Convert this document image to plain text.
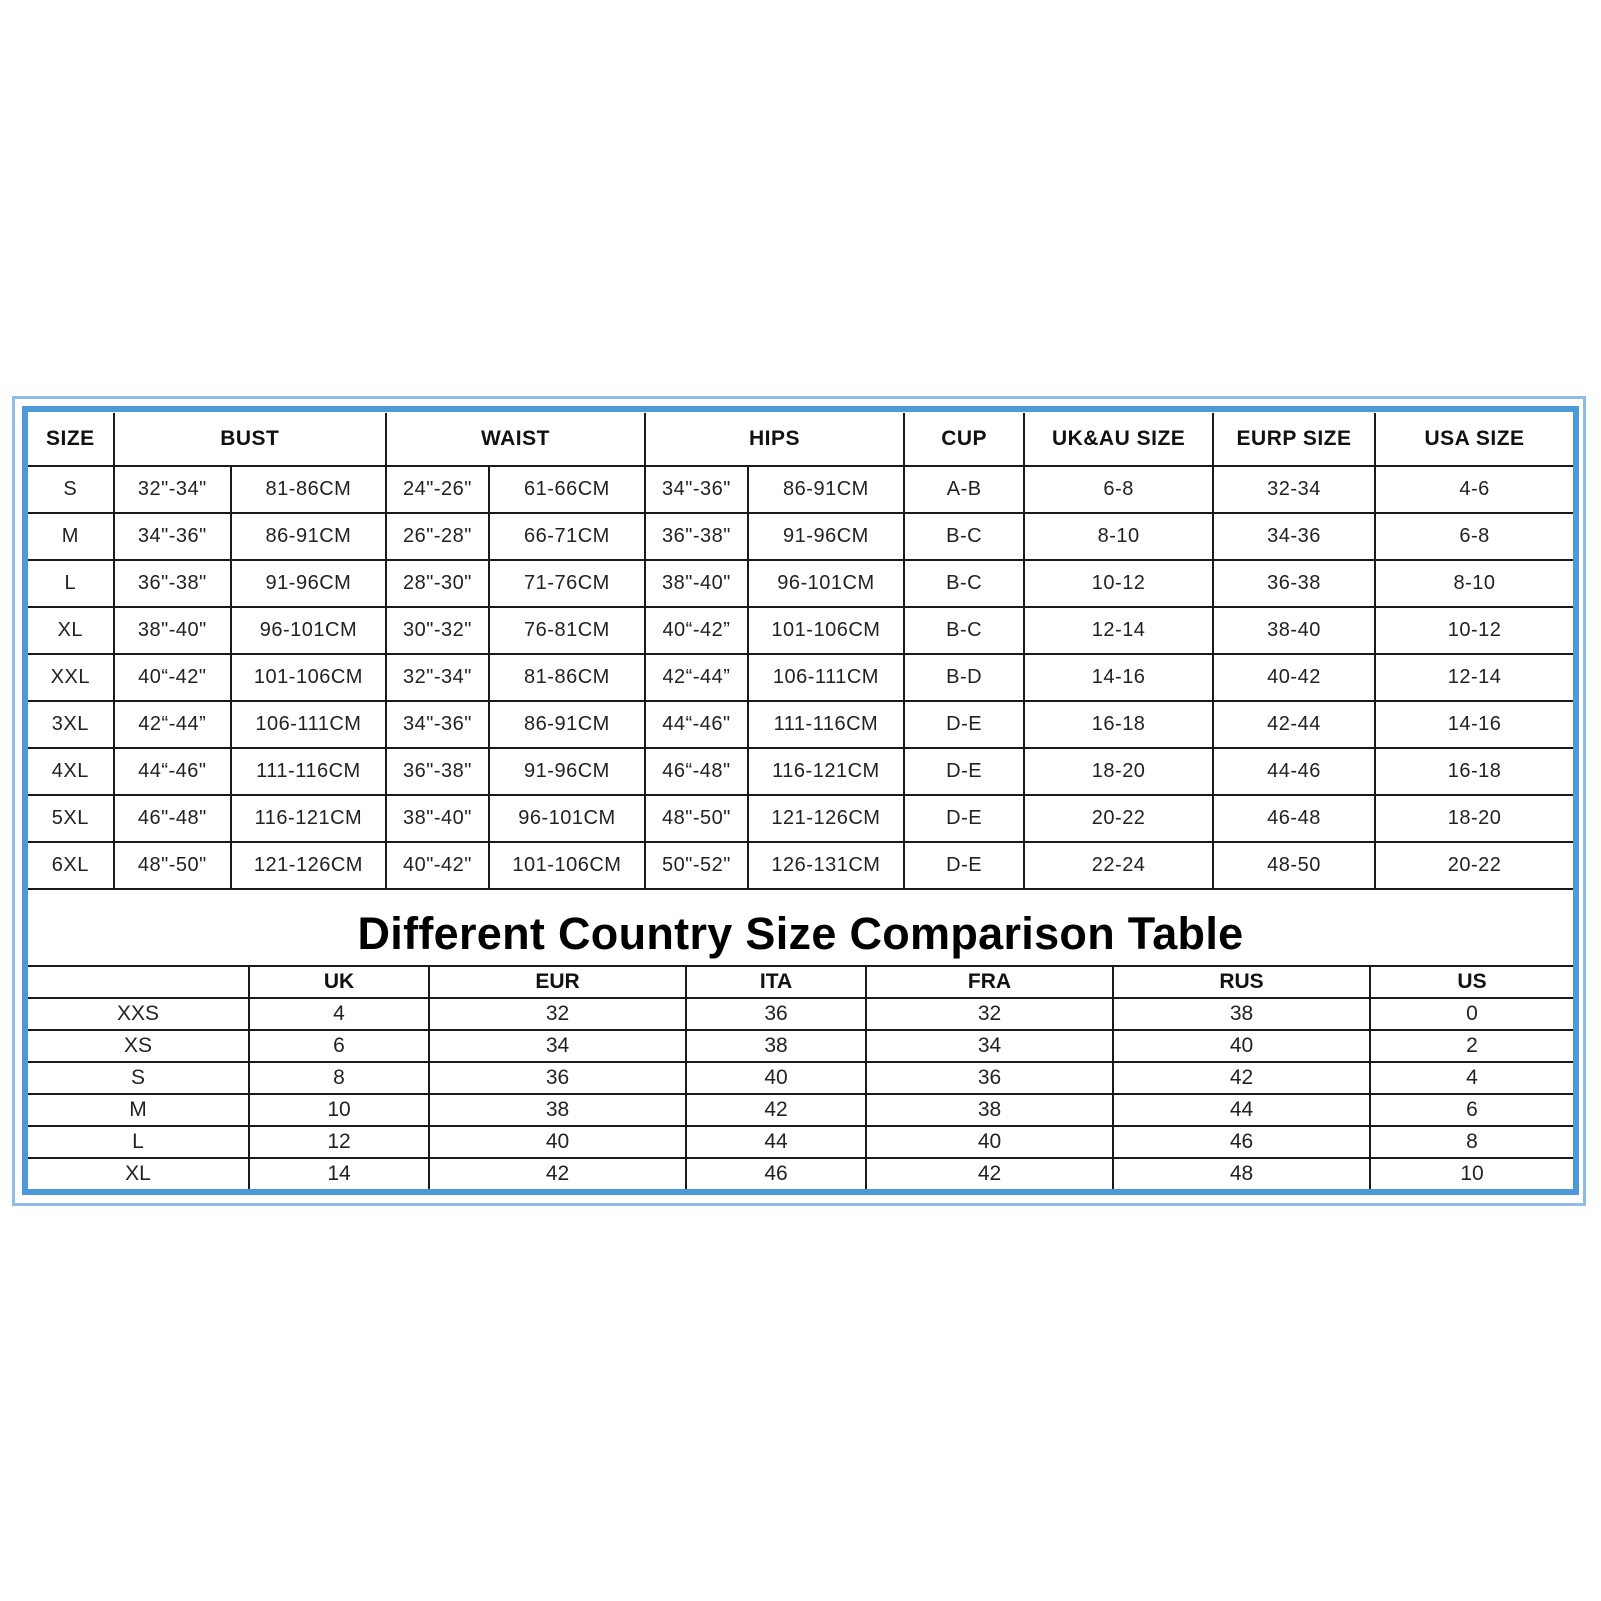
SIZE	BUST		WAIST		HIPS		CUP	UK&AU SIZE	EURP SIZE	USA SIZE
S	32"-34"	81-86CM	24"-26"	61-66CM	34"-36"	86-91CM	A-B	6-8	32-34	4-6
M	34"-36"	86-91CM	26"-28"	66-71CM	36"-38"	91-96CM	B-C	8-10	34-36	6-8
L	36"-38"	91-96CM	28"-30"	71-76CM	38"-40"	96-101CM	B-C	10-12	36-38	8-10
XL	38"-40"	96-101CM	30"-32"	76-81CM	40“-42”	101-106CM	B-C	12-14	38-40	10-12
XXL	40“-42"	101-106CM	32"-34"	81-86CM	42“-44”	106-111CM	B-D	14-16	40-42	12-14
3XL	42“-44”	106-111CM	34"-36"	86-91CM	44“-46"	111-116CM	D-E	16-18	42-44	14-16
4XL	44“-46"	111-116CM	36"-38"	91-96CM	46“-48"	116-121CM	D-E	18-20	44-46	16-18
5XL	46"-48"	116-121CM	38"-40"	96-101CM	48"-50"	121-126CM	D-E	20-22	46-48	18-20
6XL	48"-50"	121-126CM	40"-42"	101-106CM	50"-52"	126-131CM	D-E	22-24	48-50	20-22
Different Country Size Comparison Table
	UK	EUR	ITA	FRA	RUS	US
XXS	4	32	36	32	38	0
XS	6	34	38	34	40	2
S	8	36	40	36	42	4
M	10	38	42	38	44	6
L	12	40	44	40	46	8
XL	14	42	46	42	48	10
